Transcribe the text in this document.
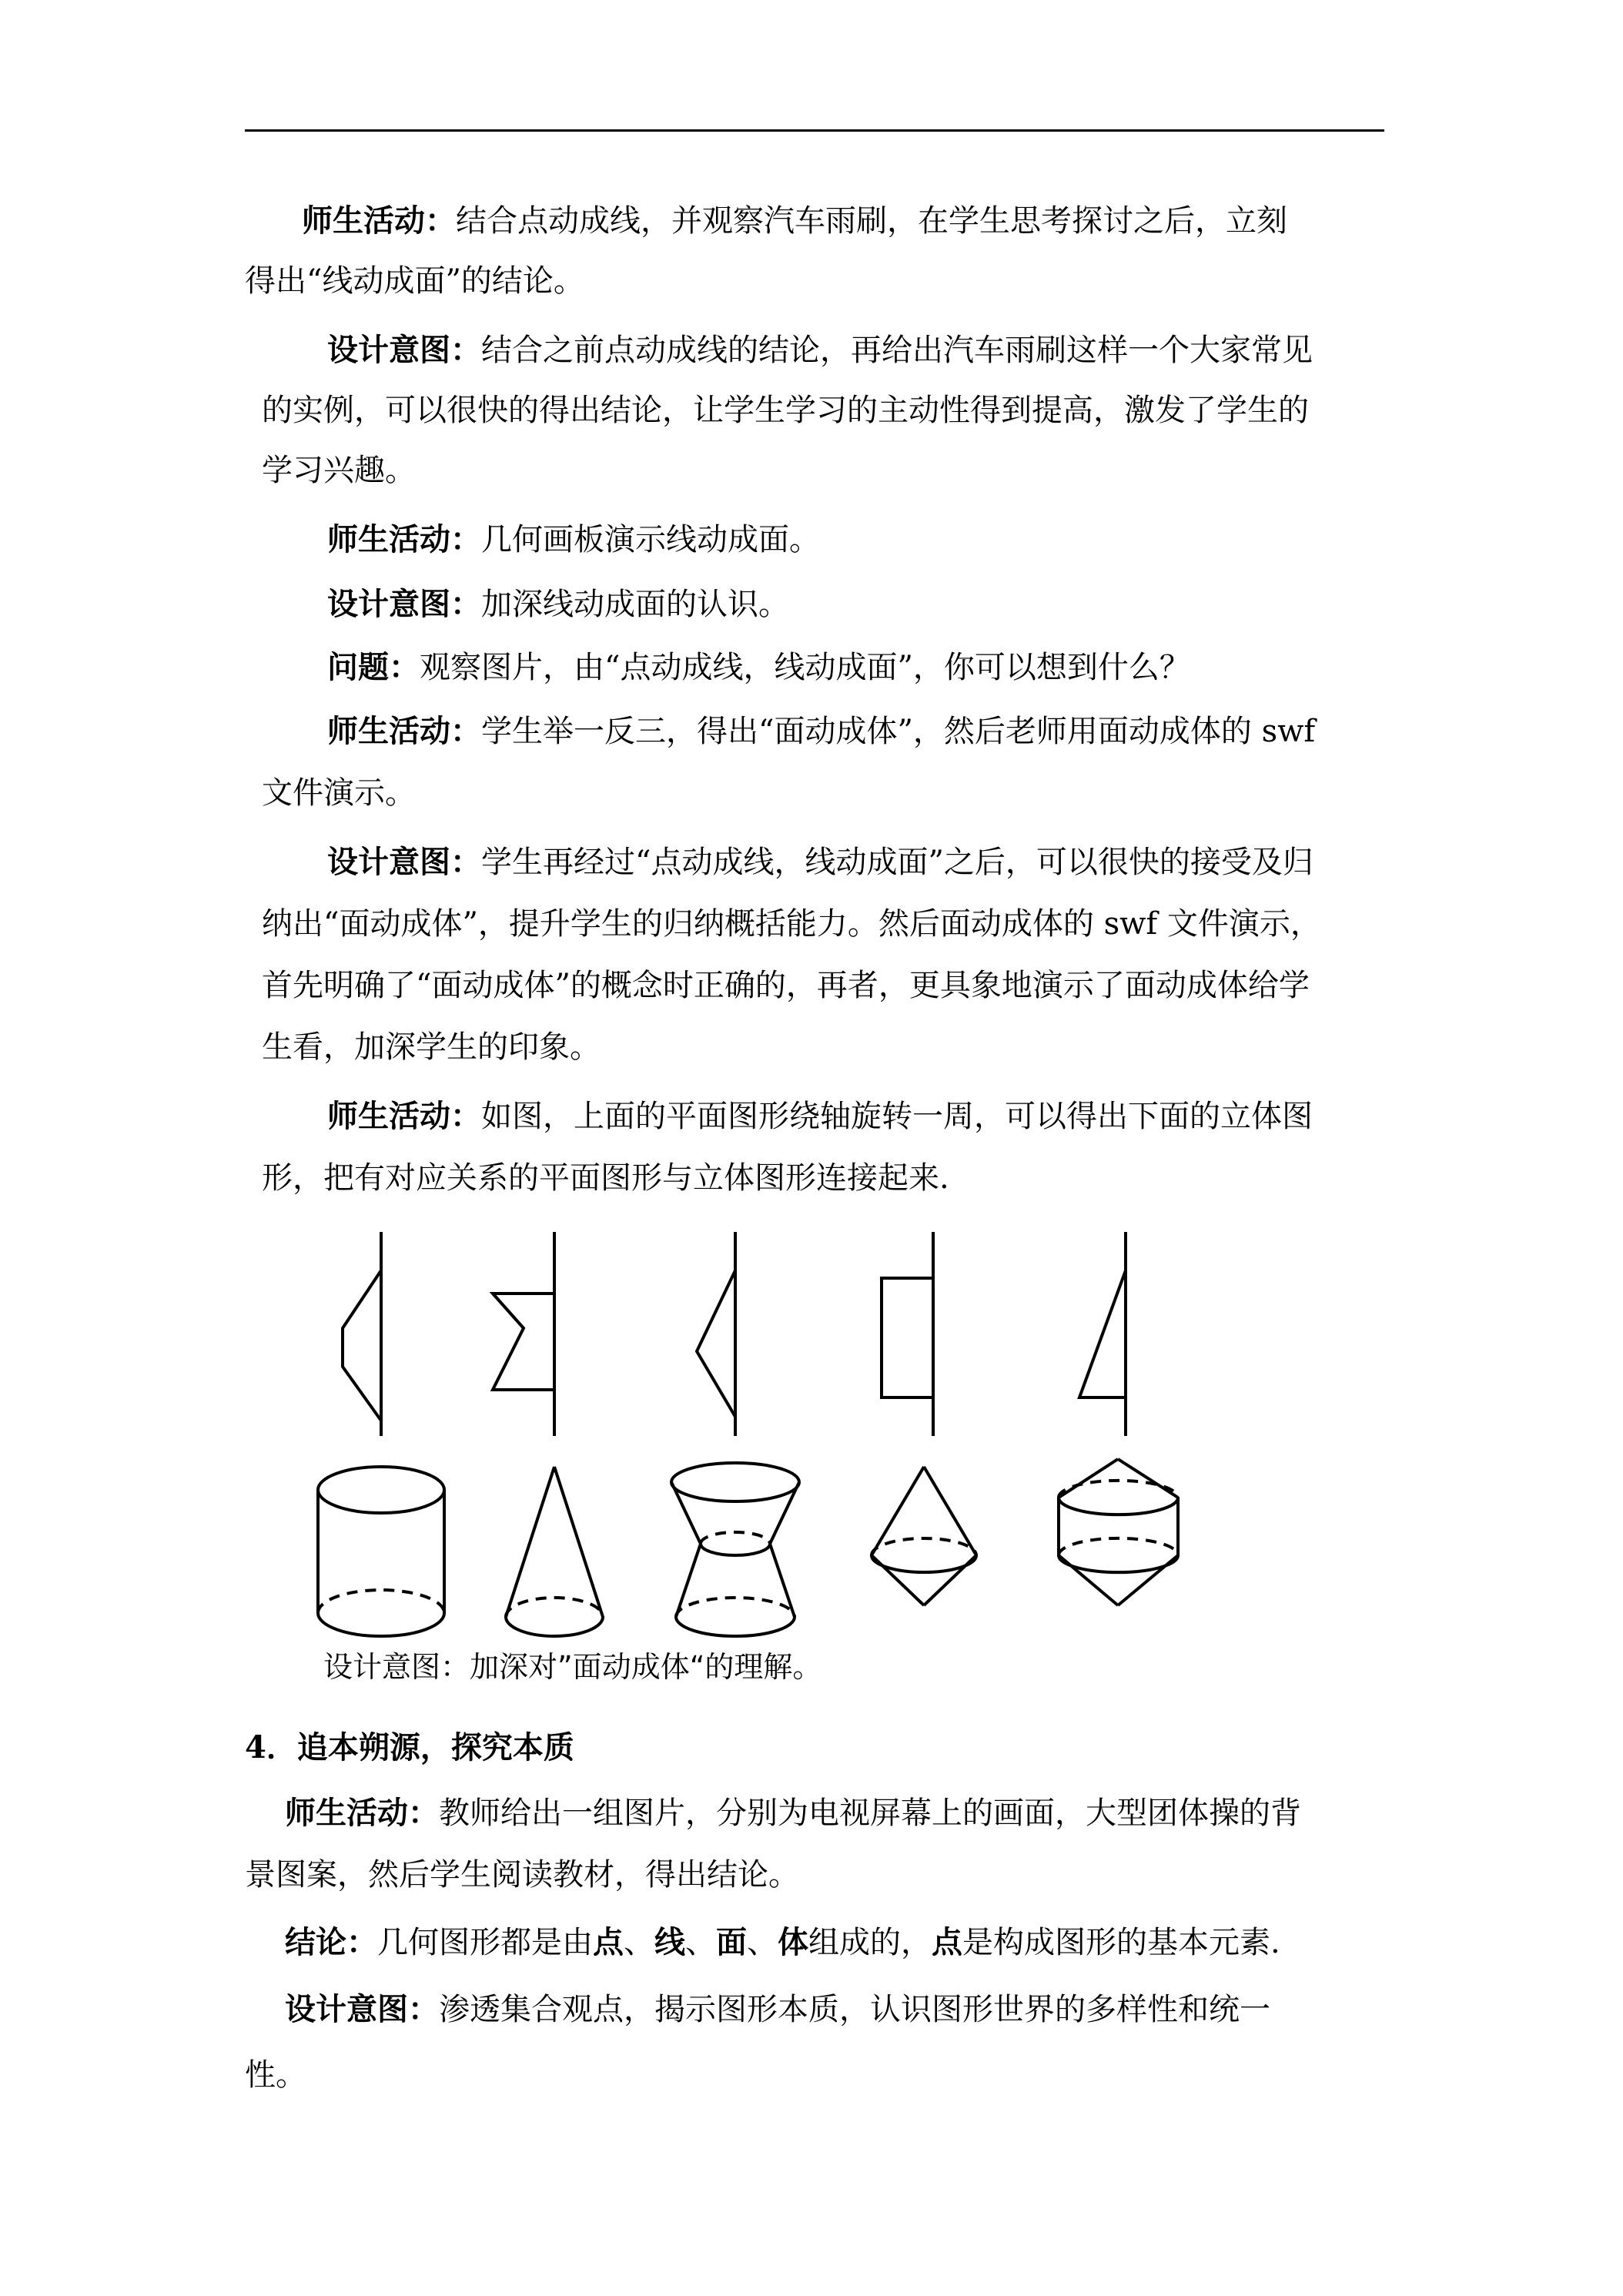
师生活动：结合点动成线，并观察汽车雨刷，在学生思考探讨之后，立刻

得出“线动成面”的结论。

设计意图：结合之前点动成线的结论，再给出汽车雨刷这样一个大家常见

的实例，可以很快的得出结论，让学生学习的主动性得到提高，激发了学生的

学习兴趣。

师生活动：几何画板演示线动成面。

设计意图：加深线动成面的认识。

问题：观察图片，由“点动成线，线动成面”，你可以想到什么？

师生活动：学生举一反三，得出“面动成体”，然后老师用面动成体的 swf

文件演示。

设计意图：学生再经过“点动成线，线动成面”之后，可以很快的接受及归

纳出“面动成体”，提升学生的归纳概括能力。然后面动成体的 swf 文件演示，

首先明确了“面动成体”的概念时正确的，再者，更具象地演示了面动成体给学

生看，加深学生的印象。

师生活动：如图，上面的平面图形绕轴旋转一周，可以得出下面的立体图

形，把有对应关系的平面图形与立体图形连接起来.

设计意图：加深对”面动成体“的理解。
4．追本朔源，探究本质

师生活动：教师给出一组图片，分别为电视屏幕上的画面，大型团体操的背

景图案，然后学生阅读教材，得出结论。

结论：几何图形都是由点、线、面、体组成的，点是构成图形的基本元素.

设计意图：渗透集合观点，揭示图形本质，认识图形世界的多样性和统一

性。
